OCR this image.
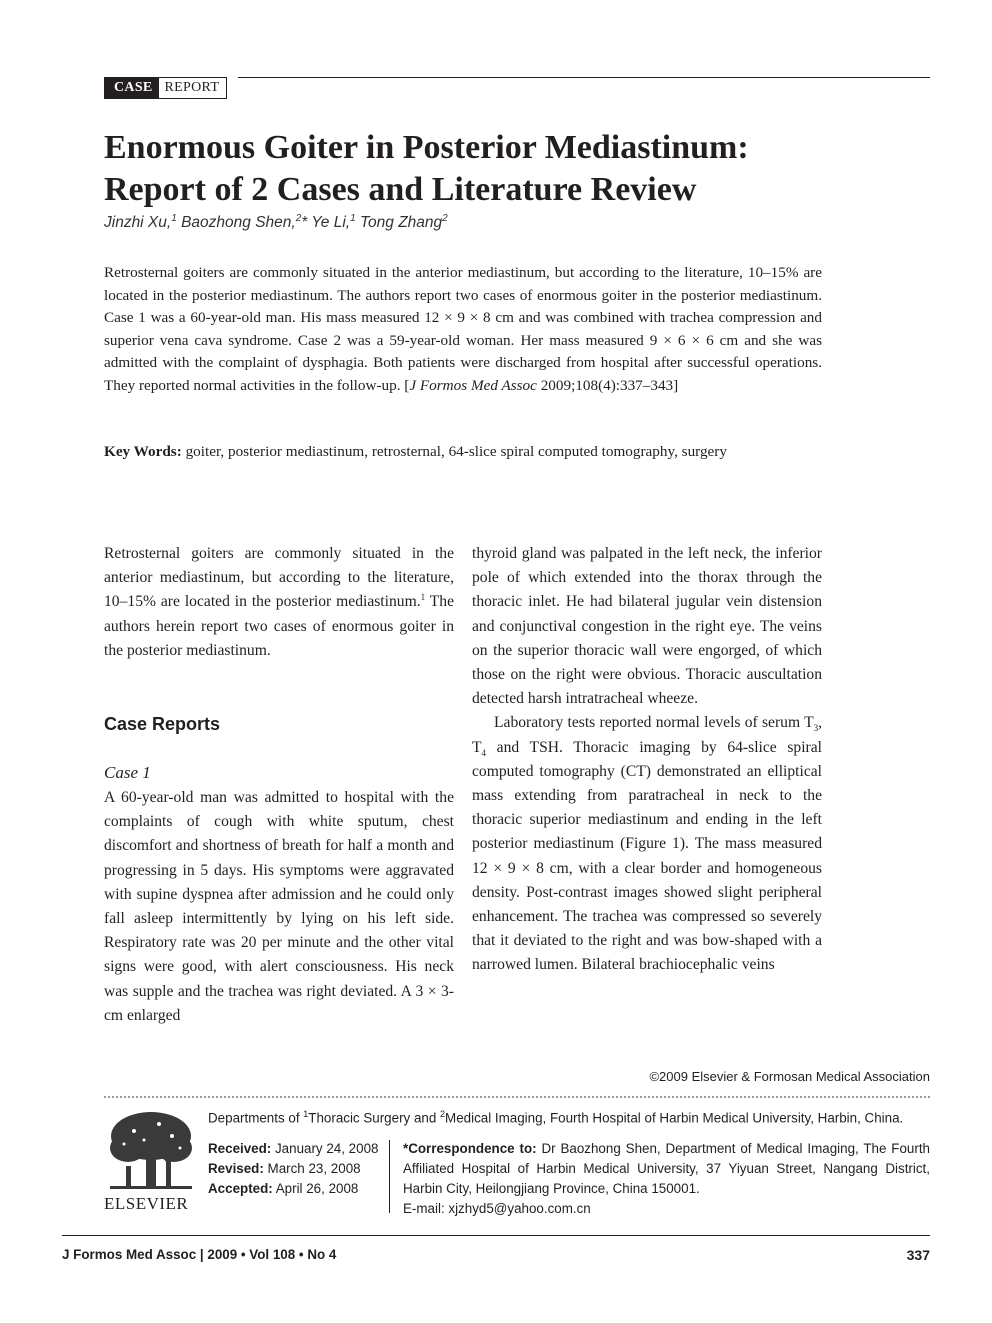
CASE REPORT
Enormous Goiter in Posterior Mediastinum:
Report of 2 Cases and Literature Review
Jinzhi Xu,$^1$ Baozhong Shen,$^2$* Ye Li,$^1$ Tong Zhang$^2$
Retrosternal goiters are commonly situated in the anterior mediastinum, but according to the literature, 10–15% are located in the posterior mediastinum. The authors report two cases of enormous goiter in the posterior mediastinum. Case 1 was a 60-year-old man. His mass measured 12 × 9 × 8 cm and was combined with trachea compression and superior vena cava syndrome. Case 2 was a 59-year-old woman. Her mass measured 9 × 6 × 6 cm and she was admitted with the complaint of dysphagia. Both patients were discharged from hospital after successful operations. They reported normal activities in the follow-up. [J Formos Med Assoc 2009;108(4):337–343]
Key Words: goiter, posterior mediastinum, retrosternal, 64-slice spiral computed tomography, surgery

Retrosternal goiters are commonly situated in the anterior mediastinum, but according to the literature, 10–15% are located in the posterior mediastinum.$^1$ The authors herein report two cases of enormous goiter in the posterior mediastinum.

Case Reports
Case 1

A 60-year-old man was admitted to hospital with the complaints of cough with white sputum, chest discomfort and shortness of breath for half a month and progressing in 5 days. His symptoms were aggravated with supine dyspnea after admission and he could only fall asleep intermittently by lying on his left side. Respiratory rate was 20 per minute and the other vital signs were good, with alert consciousness. His neck was supple and the trachea was right deviated. A 3 × 3-cm enlarged

thyroid gland was palpated in the left neck, the inferior pole of which extended into the thorax through the thoracic inlet. He had bilateral jugular vein distension and conjunctival congestion in the right eye. The veins on the superior thoracic wall were engorged, of which those on the right were obvious. Thoracic auscultation detected harsh intratracheal wheeze.

Laboratory tests reported normal levels of serum $T_3$, $T_4$ and TSH. Thoracic imaging by 64-slice spiral computed tomography (CT) demonstrated an elliptical mass extending from paratracheal in neck to the thoracic superior mediastinum and ending in the left posterior mediastinum (Figure 1). The mass measured 12 × 9 × 8 cm, with a clear border and homogeneous density. Post-contrast images showed slight peripheral enhancement. The trachea was compressed so severely that it deviated to the right and was bow-shaped with a narrowed lumen. Bilateral brachiocephalic veins

©2009 Elsevier & Formosan Medical Association
ELSEVIER
Departments of $^1$Thoracic Surgery and $^2$Medical Imaging, Fourth Hospital of Harbin Medical University, Harbin, China.
Received: January 24, 2008
Revised: March 23, 2008
Accepted: April 26, 2008
*Correspondence to: Dr Baozhong Shen, Department of Medical Imaging, The Fourth Affiliated Hospital of Harbin Medical University, 37 Yiyuan Street, Nangang District, Harbin City, Heilongjiang Province, China 150001.
E-mail: xjzhyd5@yahoo.com.cn
J Formos Med Assoc | 2009 • Vol 108 • No 4	337
